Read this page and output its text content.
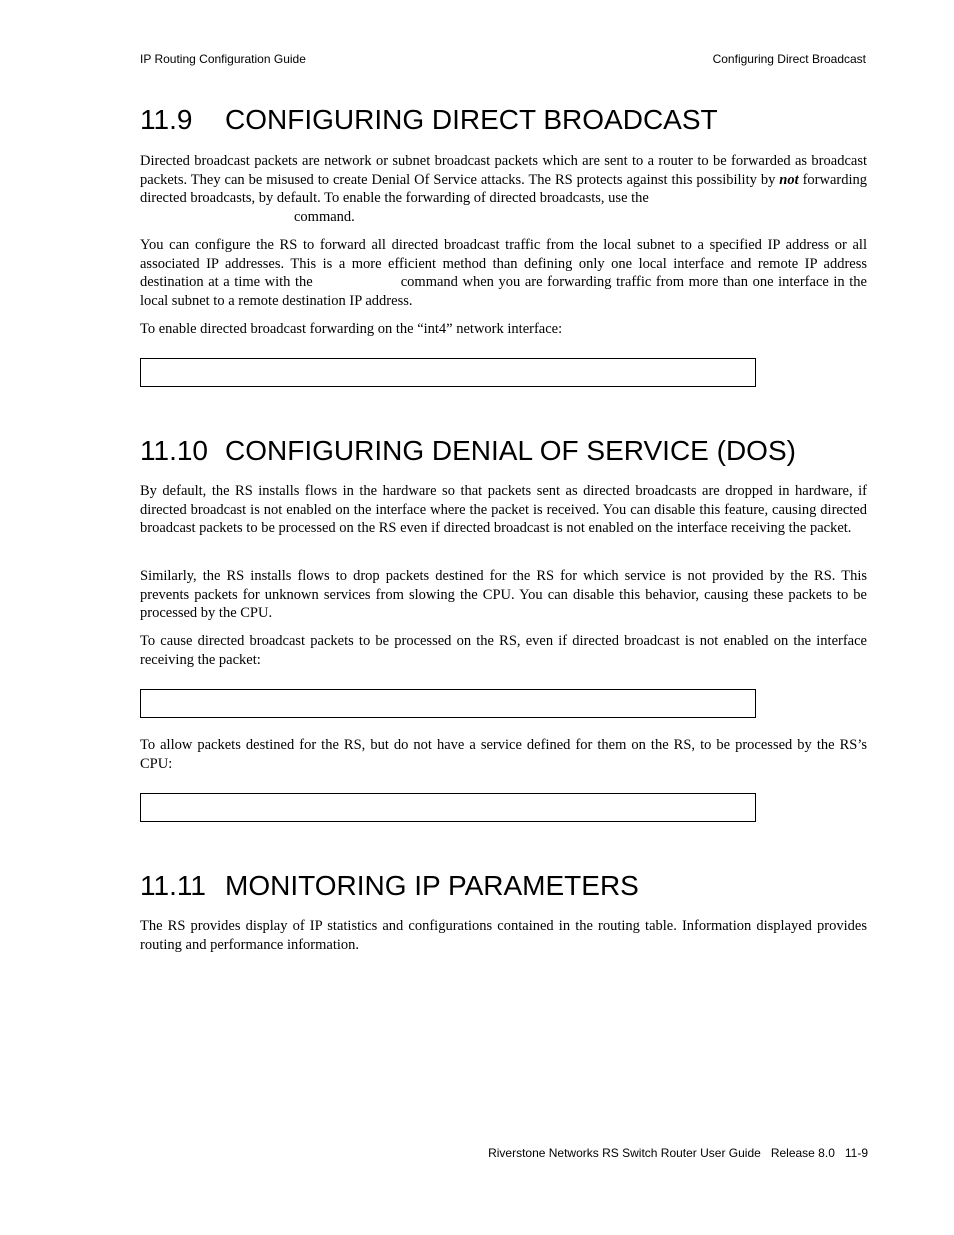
IP Routing Configuration Guide	Configuring Direct Broadcast
11.9 CONFIGURING DIRECT BROADCAST

Directed broadcast packets are network or subnet broadcast packets which are sent to a router to be forwarded as broadcast packets. They can be misused to create Denial Of Service attacks. The RS protects against this possibility by not forwarding directed broadcasts, by default. To enable the forwarding of directed broadcasts, use the
command.

You can configure the RS to forward all directed broadcast traffic from the local subnet to a specified IP address or all associated IP addresses. This is a more efficient method than defining only one local interface and remote IP address destination at a time with the	command when you are forwarding traffic from more than one interface in the local subnet to a remote destination IP address.

To enable directed broadcast forwarding on the “int4” network interface:

11.10 CONFIGURING DENIAL OF SERVICE (DOS)

By default, the RS installs flows in the hardware so that packets sent as directed broadcasts are dropped in hardware, if directed broadcast is not enabled on the interface where the packet is received. You can disable this feature, causing directed broadcast packets to be processed on the RS even if directed broadcast is not enabled on the interface receiving the packet.

Similarly, the RS installs flows to drop packets destined for the RS for which service is not provided by the RS. This prevents packets for unknown services from slowing the CPU. You can disable this behavior, causing these packets to be processed by the CPU.

To cause directed broadcast packets to be processed on the RS, even if directed broadcast is not enabled on the interface receiving the packet:

To allow packets destined for the RS, but do not have a service defined for them on the RS, to be processed by the RS’s CPU:

11.11 MONITORING IP PARAMETERS

The RS provides display of IP statistics and configurations contained in the routing table. Information displayed provides routing and performance information.

Riverstone Networks RS Switch Router User Guide   Release 8.0   11-9
